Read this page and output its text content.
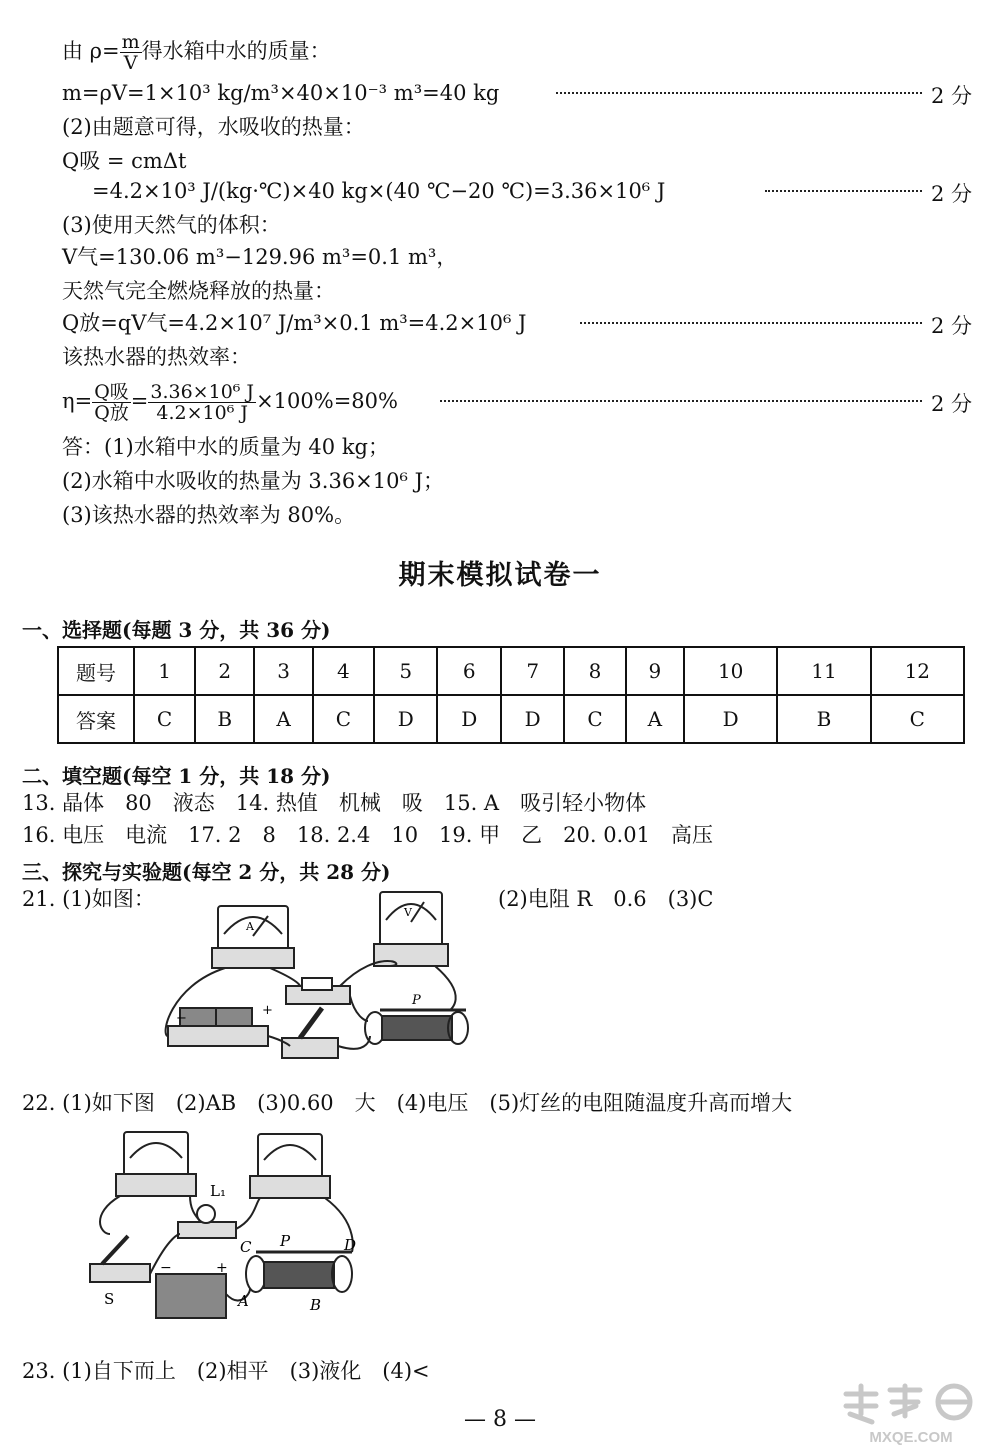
由 $\rho= \frac{m}{V}$ 得水箱中水的质量：
m=ρV=1×10³ kg/m³×40×10⁻³ m³=40 kg	2 分
(2)由题意可得，水吸收的热量：
Q吸 = cmΔt
=4.2×10³ J/(kg·℃)×40 kg×(40 ℃−20 ℃)=3.36×10⁶ J	2 分
(3)使用天然气的体积：
V气=130.06 m³−129.96 m³=0.1 m³，
天然气完全燃烧释放的热量：
Q放=qV气=4.2×10⁷ J/m³×0.1 m³=4.2×10⁶ J	2 分
该热水器的热效率：
$\eta= \frac{\text{Q吸}}{\text{Q放}} = \frac{\text{3.36×10⁶ J}}{\text{4.2×10⁶ J}} \times 100\%=80\%$	2 分
答：(1)水箱中水的质量为 40 kg；
(2)水箱中水吸收的热量为 3.36×10⁶ J；
(3)该热水器的热效率为 80%。
期末模拟试卷一
一、选择题(每题 3 分，共 36 分)
题号	1	2	3	4	5	6	7	8	9	10	11	12
答案	C	B	A	C	D	D	D	C	A	D	B	C
二、填空题(每空 1 分，共 18 分)
13. 晶体　80　液态　14. 热值　机械　吸　15. A　吸引轻小物体
16. 电压　电流　17. 2　8　18. 2.4　10　19. 甲　乙　20. 0.01　高压
三、探究与实验题(每空 2 分，共 28 分)
21. (1)如图：	(2)电阻 R　0.6　(3)C
A
V
P
−
+
22. (1)如下图　(2)AB　(3)0.60　大　(4)电压　(5)灯丝的电阻随温度升高而增大
L₁
S
C	D
P
A	B
−	+
23. (1)自下而上　(2)相平　(3)液化　(4)<
— 8 —
MXQE.COM
